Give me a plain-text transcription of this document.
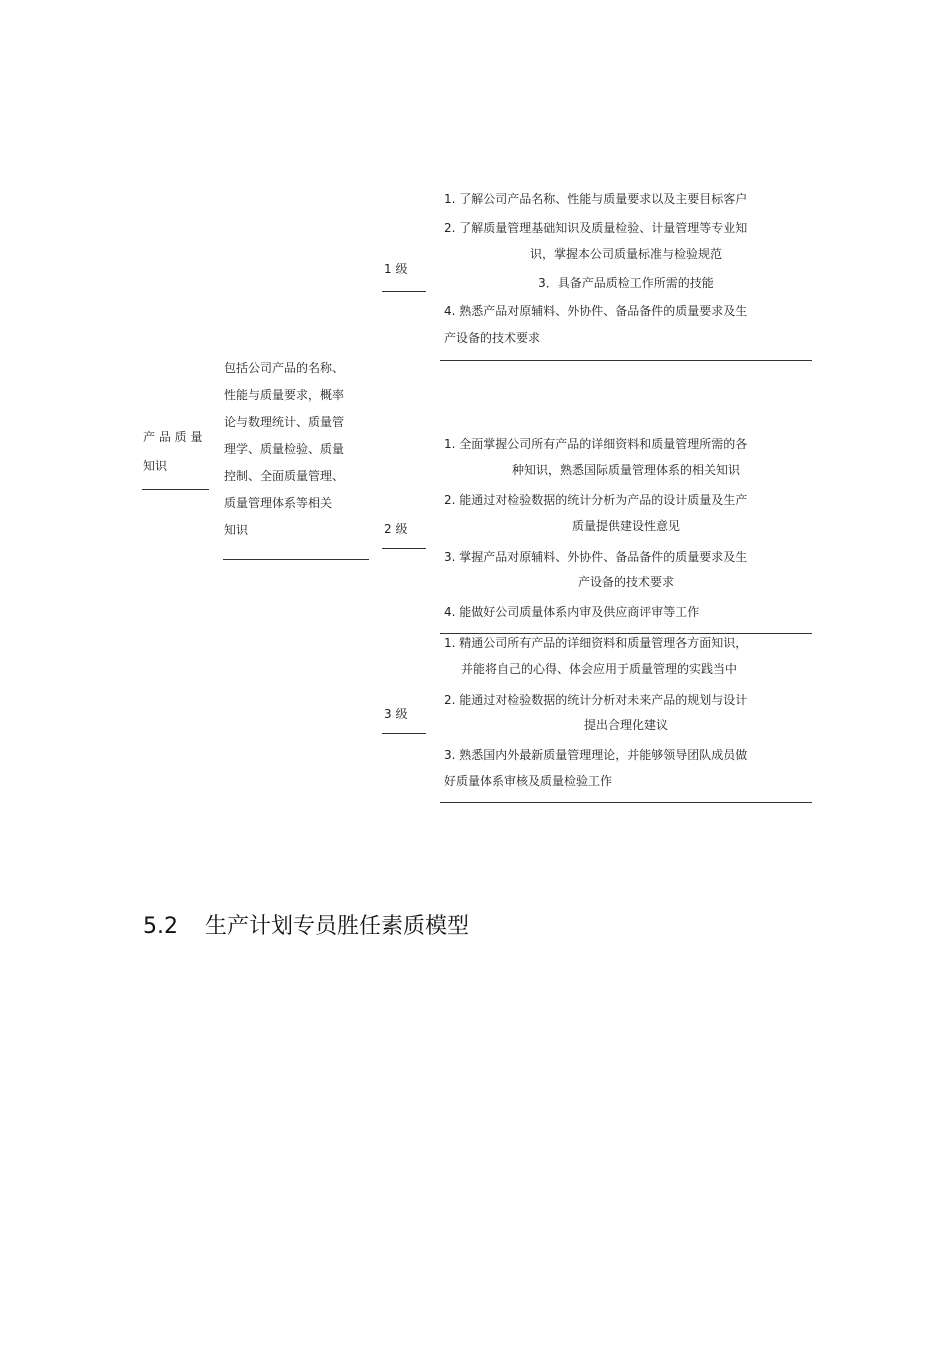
产 品 质 量
知识
包括公司产品的名称、
性能与质量要求，概率
论与数理统计、质量管
理学、质量检验、质量
控制、全面质量管理、
质量管理体系等相关
知识
1 级
2 级
3 级
1. 了解公司产品名称、性能与质量要求以及主要目标客户
2. 了解质量管理基础知识及质量检验、计量管理等专业知
识，掌握本公司质量标准与检验规范
3．具备产品质检工作所需的技能
4. 熟悉产品对原辅料、外协件、备品备件的质量要求及生
产设备的技术要求
1. 全面掌握公司所有产品的详细资料和质量管理所需的各
种知识，熟悉国际质量管理体系的相关知识
2. 能通过对检验数据的统计分析为产品的设计质量及生产
质量提供建设性意见
3. 掌握产品对原辅料、外协件、备品备件的质量要求及生
产设备的技术要求
4. 能做好公司质量体系内审及供应商评审等工作
1. 精通公司所有产品的详细资料和质量管理各方面知识，
并能将自己的心得、体会应用于质量管理的实践当中
2. 能通过对检验数据的统计分析对未来产品的规划与设计
提出合理化建议
3. 熟悉国内外最新质量管理理论，并能够领导团队成员做
好质量体系审核及质量检验工作
5.2 生产计划专员胜任素质模型
